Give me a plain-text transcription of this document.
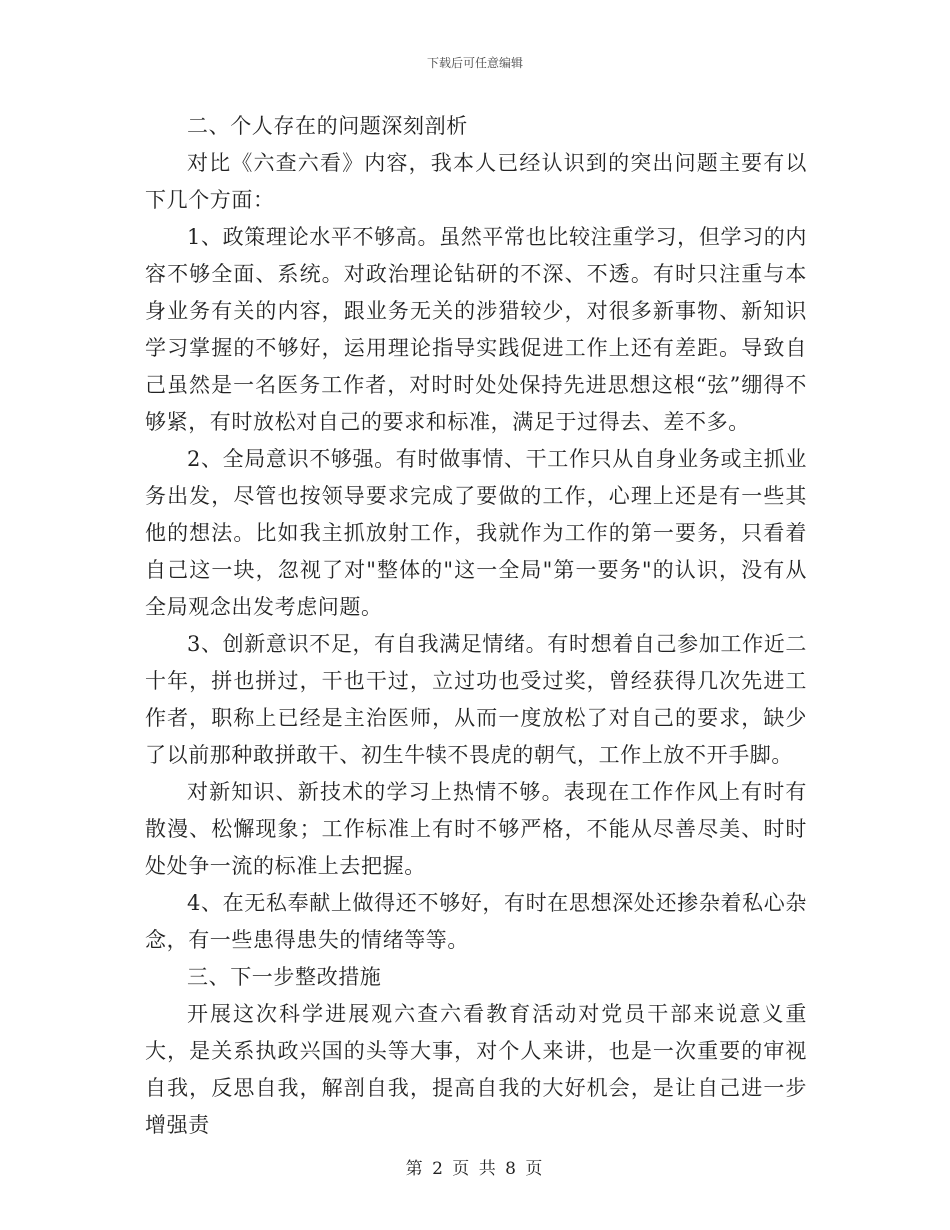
下载后可任意编辑

二、个人存在的问题深刻剖析

对比《六查六看》内容，我本人已经认识到的突出问题主要有以下几个方面：

1、政策理论水平不够高。虽然平常也比较注重学习，但学习的内容不够全面、系统。对政治理论钻研的不深、不透。有时只注重与本身业务有关的内容，跟业务无关的涉猎较少，对很多新事物、新知识学习掌握的不够好，运用理论指导实践促进工作上还有差距。导致自己虽然是一名医务工作者，对时时处处保持先进思想这根“弦”绷得不够紧，有时放松对自己的要求和标准，满足于过得去、差不多。

2、全局意识不够强。有时做事情、干工作只从自身业务或主抓业务出发，尽管也按领导要求完成了要做的工作，心理上还是有一些其他的想法。比如我主抓放射工作，我就作为工作的第一要务，只看着自己这一块，忽视了对"整体的"这一全局"第一要务"的认识，没有从全局观念出发考虑问题。

3、创新意识不足，有自我满足情绪。有时想着自己参加工作近二十年，拼也拼过，干也干过，立过功也受过奖，曾经获得几次先进工作者，职称上已经是主治医师，从而一度放松了对自己的要求，缺少了以前那种敢拼敢干、初生牛犊不畏虎的朝气，工作上放不开手脚。

对新知识、新技术的学习上热情不够。表现在工作作风上有时有散漫、松懈现象；工作标准上有时不够严格，不能从尽善尽美、时时处处争一流的标准上去把握。

4、在无私奉献上做得还不够好，有时在思想深处还掺杂着私心杂念，有一些患得患失的情绪等等。

三、下一步整改措施

开展这次科学进展观六查六看教育活动对党员干部来说意义重大，是关系执政兴国的头等大事，对个人来讲，也是一次重要的审视自我，反思自我，解剖自我，提高自我的大好机会，是让自己进一步增强责

第 2 页 共 8 页
